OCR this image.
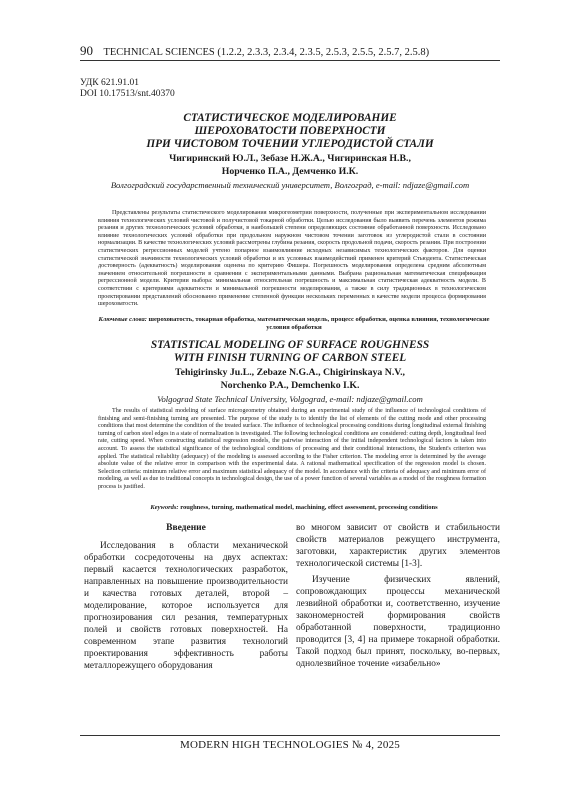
90 TECHNICAL SCIENCES (1.2.2, 2.3.3, 2.3.4, 2.3.5, 2.5.3, 2.5.5, 2.5.7, 2.5.8)
УДК 621.91.01
DOI 10.17513/snt.40370
СТАТИСТИЧЕСКОЕ МОДЕЛИРОВАНИЕ
ШЕРОХОВАТОСТИ ПОВЕРХНОСТИ
ПРИ ЧИСТОВОМ ТОЧЕНИИ УГЛЕРОДИСТОЙ СТАЛИ
Чигиринский Ю.Л., Зебазе Н.Ж.А., Чигиринская Н.В.,
Норченко П.А., Демченко И.К.
Волгоградский государственный технический университет, Волгоград, e-mail: ndjaze@gmail.com

Представлены результаты статистического моделирования микрогеометрии поверхности, полученные при экспериментальном исследовании влияния технологических условий чистовой и получистовой токарной обработки. Целью исследования было выявить перечень элементов режима резания и других технологических условий обработки, в наибольшей степени определяющих состояние обработанной поверхности. Исследовано влияние технологических условий обработки при продольном наружном чистовом точении заготовок из углеродистой стали в состоянии нормализации. В качестве технологических условий рассмотрены глубина резания, скорость продольной подачи, скорость резания. При построении статистических регрессионных моделей учтено попарное взаимовлияние исходных независимых технологических факторов. Для оценки статистической значимости технологических условий обработки и их условных взаимодействий применен критерий Стьюдента. Статистическая достоверность (адекватность) моделирования оценена по критерию Фишера. Погрешность моделирования определена средним абсолютным значением относительной погрешности в сравнении с экспериментальными данными. Выбрана рациональная математическая спецификация регрессионной модели. Критерии выбора: минимальная относительная погрешность и максимальная статистическая адекватность модели. В соответствии с критериями адекватности и минимальной погрешности моделирования, а также в силу традиционных в технологическом проектировании представлений обоснованно применение степенной функции нескольких переменных в качестве модели процесса формирования шероховатости.

Ключевые слова: шероховатость, токарная обработка, математическая модель, процесс обработки, оценка влияния, технологические условия обработки
STATISTICAL MODELING OF SURFACE ROUGHNESS
WITH FINISH TURNING OF CARBON STEEL
Tehigirinsky Ju.L., Zebaze N.G.A., Chigirinskaya N.V.,
Norchenko P.A., Demchenko I.K.
Volgograd State Technical University, Volgograd, e-mail: ndjaze@gmail.com

The results of statistical modeling of surface microgeometry obtained during an experimental study of the influence of technological conditions of finishing and semi-finishing turning are presented. The purpose of the study is to identify the list of elements of the cutting mode and other processing conditions that most determine the condition of the treated surface. The influence of technological processing conditions during longitudinal external finishing turning of carbon steel edges in a state of normalization is investigated. The following technological conditions are considered: cutting depth, longitudinal feed rate, cutting speed. When constructing statistical regression models, the pairwise interaction of the initial independent technological factors is taken into account. To assess the statistical significance of the technological conditions of processing and their conditional interactions, the Student's criterion was applied. The statistical reliability (adequacy) of the modeling is assessed according to the Fisher criterion. The modeling error is determined by the average absolute value of the relative error in comparison with the experimental data. A rational mathematical specification of the regression model is chosen. Selection criteria: minimum relative error and maximum statistical adequacy of the model. In accordance with the criteria of adequacy and minimum error of modeling, as well as due to traditional concepts in technological design, the use of a power function of several variables as a model of the roughness formation process is justified.

Keywords: roughness, turning, mathematical model, machining, effect assessment, processing conditions
Введение

Исследования в области механической обработки сосредоточены на двух аспектах: первый касается технологических разработок, направленных на повышение производительности и качества готовых деталей, второй – моделирование, которое используется для прогнозирования сил резания, температурных полей и свойств готовых поверхностей. На современном этапе развития технологий проектирования эффективность работы металлорежущего оборудования

во многом зависит от свойств и стабильности свойств материалов режущего инструмента, заготовки, характеристик других элементов технологической системы [1-3].

Изучение физических явлений, сопровождающих процессы механической лезвийной обработки и, соответственно, изучение закономерностей формирования свойств обработанной поверхности, традиционно проводится [3, 4] на примере токарной обработки. Такой подход был принят, поскольку, во-первых, однолезвийное точение «изабельно»

MODERN HIGH TECHNOLOGIES № 4, 2025
